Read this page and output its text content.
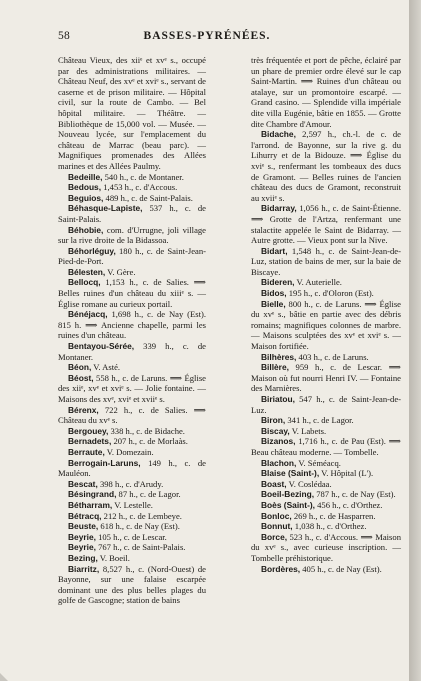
58	BASSES-PYRÉNÉES.

Château Vieux, des xiiᵉ et xvᵉ s., occupé par des administrations militaires. — Château Neuf, des xvᵉ et xviᵉ s., servant de caserne et de prison militaire. — Hôpital civil, sur la route de Cambo. — Bel hôpital militaire. — Théâtre. — Bibliothèque de 15,000 vol. — Musée. — Nouveau lycée, sur l'emplacement du château de Marrac (beau parc). — Magnifiques promenades des Allées marines et des Allées Paulmy.

Bedeille, 540 h., c. de Montaner.

Bedous, 1,453 h., c. d'Accous.

Beguios, 489 h., c. de Saint-Palais.

Béhasque-Lapiste, 537 h., c. de Saint-Palais.

Béhobie, com. d'Urrugne, joli village sur la rive droite de la Bidassoa.

Béhorléguy, 180 h., c. de Saint-Jean-Pied-de-Port.

Bélesten, V. Gère.

Bellocq, 1,153 h., c. de Salies. ⟹ Belles ruines d'un château du xiiiᵉ s. — Église romane au curieux portail.

Bénéjacq, 1,698 h., c. de Nay (Est). 815 h. ⟹ Ancienne chapelle, parmi les ruines d'un château.

Bentayou-Sérée, 339 h., c. de Montaner.

Béon, V. Asté.

Béost, 558 h., c. de Laruns. ⟹ Église des xiiᵉ, xvᵉ et xviᵉ s. — Jolie fontaine. — Maisons des xvᵉ, xviᵉ et xviiᵉ s.

Bérenx, 722 h., c. de Salies. ⟹ Château du xvᵉ s.

Bergouey, 338 h., c. de Bidache.

Bernadets, 207 h., c. de Morlaàs.

Berraute, V. Domezain.

Berrogain-Laruns, 149 h., c. de Mauléon.

Bescat, 398 h., c. d'Arudy.

Bésingrand, 87 h., c. de Lagor.

Bétharram, V. Lestelle.

Bétracq, 212 h., c. de Lembeye.

Beuste, 618 h., c. de Nay (Est).

Beyrie, 105 h., c. de Lescar.

Beyrie, 767 h., c. de Saint-Palais.

Bezing, V. Boeil.

Biarritz, 8,527 h., c. (Nord-Ouest) de Bayonne, sur une falaise escarpée dominant une des plus belles plages du golfe de Gascogne; station de bains

très fréquentée et port de pêche, éclairé par un phare de premier ordre élevé sur le cap Saint-Martin. ⟹ Ruines d'un château ou atalaye, sur un promontoire escarpé. — Grand casino. — Splendide villa impériale dite villa Eugénie, bâtie en 1855. — Grotte dite Chambre d'Amour.

Bidache, 2,597 h., ch.-l. de c. de l'arrond. de Bayonne, sur la rive g. du Lihurry et de la Bidouze. ⟹ Église du xviᵉ s., renfermant les tombeaux des ducs de Gramont. — Belles ruines de l'ancien château des ducs de Gramont, reconstruit au xviiᵉ s.

Bidarray, 1,056 h., c. de Saint-Étienne. ⟹ Grotte de l'Artza, renfermant une stalactite appelée le Saint de Bidarray. — Autre grotte. — Vieux pont sur la Nive.

Bidart, 1,548 h., c. de Saint-Jean-de-Luz, station de bains de mer, sur la baie de Biscaye.

Bideren, V. Auterielle.

Bidos, 195 h., c. d'Oloron (Est).

Bielle, 800 h., c. de Laruns. ⟹ Église du xvᵉ s., bâtie en partie avec des débris romains; magnifiques colonnes de marbre. — Maisons sculptées des xvᵉ et xviᵉ s. — Maison fortifiée.

Bilhères, 403 h., c. de Laruns.

Billère, 959 h., c. de Lescar. ⟹ Maison où fut nourri Henri IV. — Fontaine des Marnières.

Biriatou, 547 h., c. de Saint-Jean-de-Luz.

Biron, 341 h., c. de Lagor.

Biscay, V. Labets.

Bizanos, 1,716 h., c. de Pau (Est). ⟹ Beau château moderne. — Tombelle.

Blachon, V. Séméacq.

Blaise (Saint-), V. Hôpital (L').

Boast, V. Coslédaa.

Boeil-Bezing, 787 h., c. de Nay (Est).

Boès (Saint-), 456 h., c. d'Orthez.

Bonloc, 269 h., c. de Hasparren.

Bonnut, 1,038 h., c. d'Orthez.

Borce, 523 h., c. d'Accous. ⟹ Maison du xvᵉ s., avec curieuse inscription. — Tombelle préhistorique.

Bordères, 405 h., c. de Nay (Est).
